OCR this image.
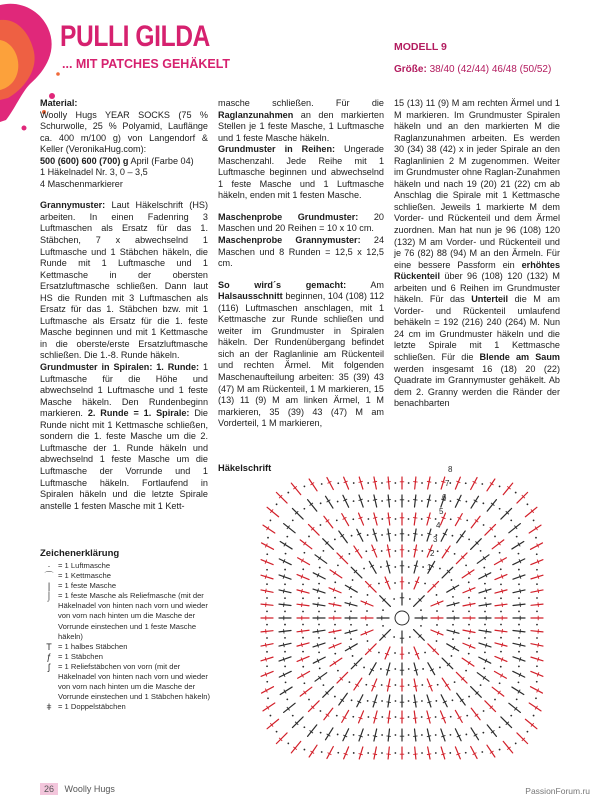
PULLI GILDA
... MIT PATCHES GEHÄKELT
MODELL 9
Größe: 38/40 (42/44) 46/48 (50/52)

Material:
Woolly Hugs YEAR SOCKS (75 % Schurwolle, 25 % Polyamid, Lauflänge ca. 400 m/100 g) von Langendorf & Keller (VeronikaHug.com):
500 (600) 600 (700) g April (Farbe 04)
1 Häkelnadel Nr. 3, 0 – 3,5
4 Maschenmarkierer

Grannymuster: Laut Häkelschrift (HS) arbeiten. In einen Fadenring 3 Luftmaschen als Ersatz für das 1. Stäbchen, 7 x abwechselnd 1 Luftmasche und 1 Stäbchen häkeln, die Runde mit 1 Luftmasche und 1 Kettmasche in der obersten Ersatzluftmasche schließen. Dann laut HS die Runden mit 3 Luftmaschen als Ersatz für das 1. Stäbchen bzw. mit 1 Luftmasche als Ersatz für die 1. feste Masche beginnen und mit 1 Kettmasche in die oberste/erste Ersatzluftmasche schließen. Die 1.-8. Runde häkeln.
Grundmuster in Spiralen: 1. Runde: 1 Luftmasche für die Höhe und abwechselnd 1 Luftmasche und 1 feste Masche häkeln. Den Rundenbeginn markieren. 2. Runde = 1. Spirale: Die Runde nicht mit 1 Kettmasche schließen, sondern die 1. feste Masche um die 2. Luftmasche der 1. Runde häkeln und abwechselnd 1 feste Masche um die Luftmasche der Vorrunde und 1 Luftmasche häkeln. Fortlaufend in Spiralen häkeln und die letzte Spirale anstelle 1 festen Masche mit 1 Kett-

masche schließen. Für die Raglanzunahmen an den markierten Stellen je 1 feste Masche, 1 Luftmasche und 1 feste Masche häkeln.
Grundmuster in Reihen: Ungerade Maschenzahl. Jede Reihe mit 1 Luftmasche beginnen und abwechselnd 1 feste Masche und 1 Luftmasche häkeln, enden mit 1 festen Masche.

Maschenprobe Grundmuster: 20 Maschen und 20 Reihen = 10 x 10 cm.
Maschenprobe Grannymuster: 24 Maschen und 8 Runden = 12,5 x 12,5 cm.

So wird´s gemacht:	Am Halsausschnitt beginnen, 104 (108) 112 (116) Luftmaschen anschlagen, mit 1 Kettmasche zur Runde schließen und weiter im Grundmuster in Spiralen häkeln. Der Rundenübergang befindet sich an der Raglanlinie am Rückenteil und rechten Ärmel. Mit folgenden Maschenaufteilung arbeiten: 35 (39) 43 (47) M am Rückenteil, 1 M markieren, 15 (13) 11 (9) M am linken Ärmel, 1 M markieren, 35 (39) 43 (47) M am Vorderteil, 1 M markieren,

15 (13) 11 (9) M am rechten Ärmel und 1 M markieren. Im Grundmuster Spiralen häkeln und an den markierten M die Raglanzunahmen arbeiten. Es werden 30 (34) 38 (42) x in jeder Spirale an den Raglanlinien 2 M zugenommen. Weiter im Grundmuster ohne Raglan-Zunahmen häkeln und nach 19 (20) 21 (22) cm ab Anschlag die Spirale mit 1 Kettmasche schließen. Jeweils 1 markierte M dem Vorder- und Rückenteil und dem Ärmel zuordnen. Man hat nun je 96 (108) 120 (132) M am Vorder- und Rückenteil und je 76 (82) 88 (94) M an den Ärmeln. Für eine bessere Passform ein erhöhtes Rückenteil über 96 (108) 120 (132) M arbeiten und 6 Reihen im Grundmuster häkeln. Für das Unterteil die M am Vorder- und Rückenteil umlaufend behäkeln = 192 (216) 240 (264) M. Nun 24 cm im Grundmuster häkeln und die letzte Spirale mit 1 Kettmasche schließen. Für die Blende am Saum werden insgesamt 16 (18) 20 (22) Quadrate im Grannymuster gehäkelt. Ab dem 2. Granny werden die Ränder der benachbarten

Zeichenerklärung
· = 1 Luftmasche
⌒ = 1 Kettmasche
|	= 1 feste Masche
⌡ = 1 feste Masche als Reliefmasche (mit der Häkelnadel von hinten nach vorn und wieder von vorn nach hinten um die Masche der Vorrunde einstechen und 1 feste Masche häkeln)
T = 1 halbes Stäbchen
ƒ = 1 Stäbchen
ʃ	= 1 Reliefstäbchen von vorn (mit der Häkelnadel von hinten nach vorn und wieder von vorn nach hinten um die Masche der Vorrunde einstechen und 1 Stäbchen häkeln)
ǂ = 1 Doppelstäbchen
Häkelschrift	8
7
6
5
4
3
2
1
26 Woolly Hugs	PassionForum.ru
